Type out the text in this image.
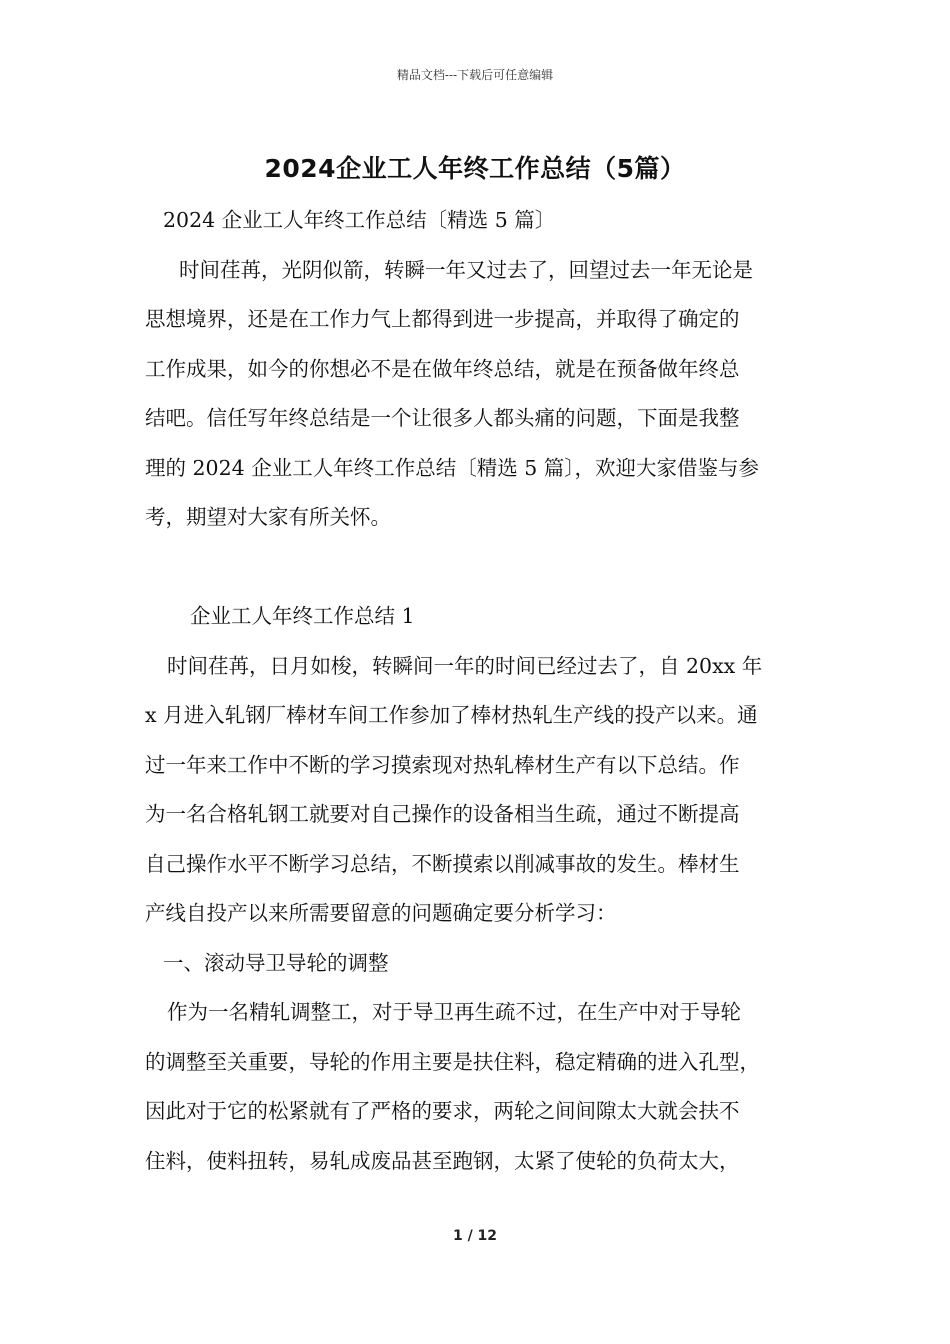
精品文档---下载后可任意编辑
2024企业工人年终工作总结（5篇）
2024 企业工人年终工作总结〔精选 5 篇〕
时间荏苒，光阴似箭，转瞬一年又过去了，回望过去一年无论是
思想境界，还是在工作力气上都得到进一步提高，并取得了确定的
工作成果，如今的你想必不是在做年终总结，就是在预备做年终总
结吧。信任写年终总结是一个让很多人都头痛的问题，下面是我整
理的 2024 企业工人年终工作总结〔精选 5 篇〕，欢迎大家借鉴与参
考，期望对大家有所关怀。
企业工人年终工作总结 1
时间荏苒，日月如梭，转瞬间一年的时间已经过去了，自 20xx 年
x 月进入轧钢厂棒材车间工作参加了棒材热轧生产线的投产以来。通
过一年来工作中不断的学习摸索现对热轧棒材生产有以下总结。作
为一名合格轧钢工就要对自己操作的设备相当生疏，通过不断提高
自己操作水平不断学习总结，不断摸索以削减事故的发生。棒材生
产线自投产以来所需要留意的问题确定要分析学习：
一、滚动导卫导轮的调整
作为一名精轧调整工，对于导卫再生疏不过，在生产中对于导轮
的调整至关重要，导轮的作用主要是扶住料，稳定精确的进入孔型，
因此对于它的松紧就有了严格的要求，两轮之间间隙太大就会扶不
住料，使料扭转，易轧成废品甚至跑钢，太紧了使轮的负荷太大，
1 / 12
